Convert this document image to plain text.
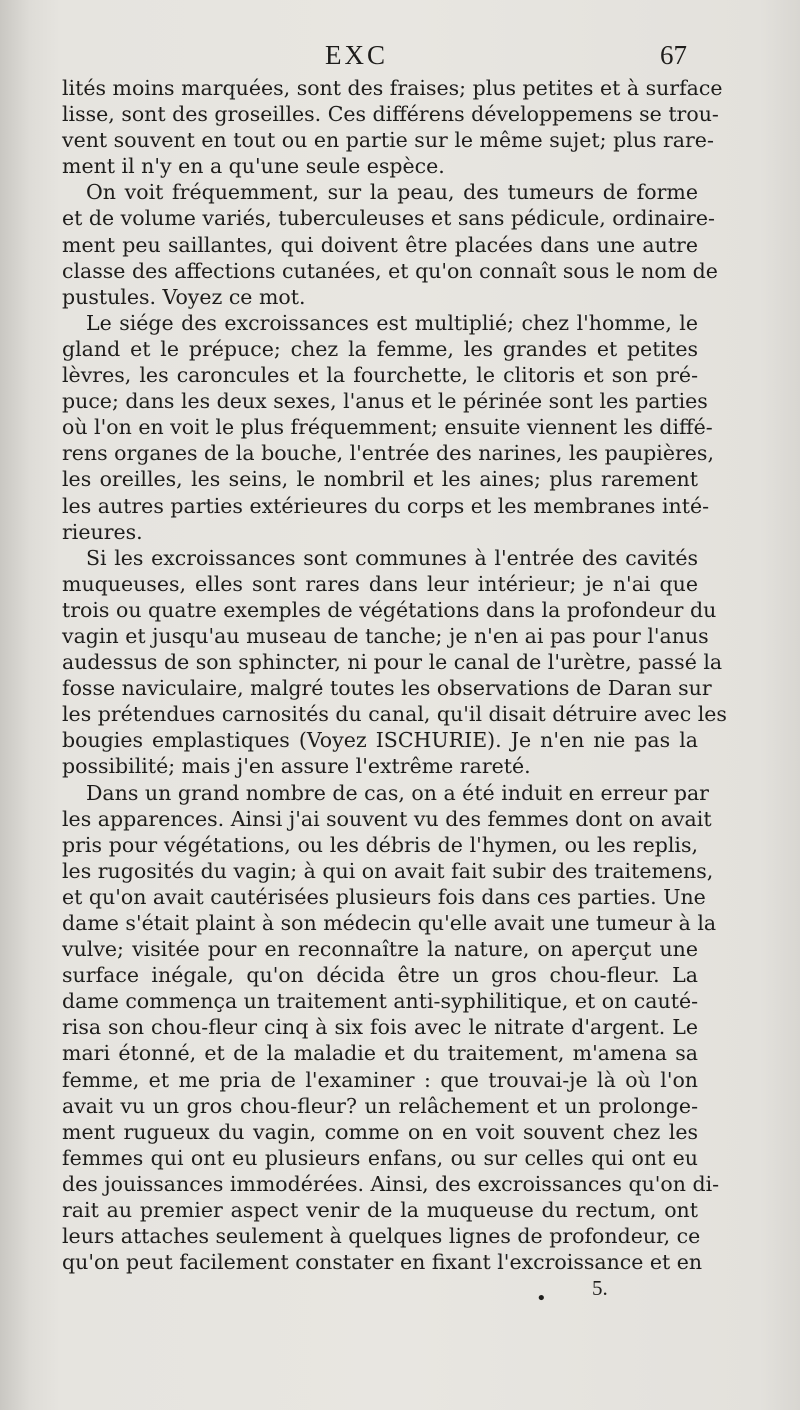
EXC	67
lités moins marquées, sont des fraises; plus petites et à surface
lisse, sont des groseilles. Ces différens développemens se trou-
vent souvent en tout ou en partie sur le même sujet; plus rare-
ment il n'y en a qu'une seule espèce.
On voit fréquemment, sur la peau, des tumeurs de forme
et de volume variés, tuberculeuses et sans pédicule, ordinaire-
ment peu saillantes, qui doivent être placées dans une autre
classe des affections cutanées, et qu'on connaît sous le nom de
pustules. Voyez ce mot.
Le siége des excroissances est multiplié; chez l'homme, le
gland et le prépuce; chez la femme, les grandes et petites
lèvres, les caroncules et la fourchette, le clitoris et son pré-
puce; dans les deux sexes, l'anus et le périnée sont les parties
où l'on en voit le plus fréquemment; ensuite viennent les diffé-
rens organes de la bouche, l'entrée des narines, les paupières,
les oreilles, les seins, le nombril et les aines; plus rarement
les autres parties extérieures du corps et les membranes inté-
rieures.
Si les excroissances sont communes à l'entrée des cavités
muqueuses, elles sont rares dans leur intérieur; je n'ai que
trois ou quatre exemples de végétations dans la profondeur du
vagin et jusqu'au museau de tanche; je n'en ai pas pour l'anus
audessus de son sphincter, ni pour le canal de l'urètre, passé la
fosse naviculaire, malgré toutes les observations de Daran sur
les prétendues carnosités du canal, qu'il disait détruire avec les
bougies emplastiques (Voyez ISCHURIE). Je n'en nie pas la
possibilité; mais j'en assure l'extrême rareté.
Dans un grand nombre de cas, on a été induit en erreur par
les apparences. Ainsi j'ai souvent vu des femmes dont on avait
pris pour végétations, ou les débris de l'hymen, ou les replis,
les rugosités du vagin; à qui on avait fait subir des traitemens,
et qu'on avait cautérisées plusieurs fois dans ces parties. Une
dame s'était plaint à son médecin qu'elle avait une tumeur à la
vulve; visitée pour en reconnaître la nature, on aperçut une
surface inégale, qu'on décida être un gros chou-fleur. La
dame commença un traitement anti-syphilitique, et on cauté-
risa son chou-fleur cinq à six fois avec le nitrate d'argent. Le
mari étonné, et de la maladie et du traitement, m'amena sa
femme, et me pria de l'examiner : que trouvai-je là où l'on
avait vu un gros chou-fleur? un relâchement et un prolonge-
ment rugueux du vagin, comme on en voit souvent chez les
femmes qui ont eu plusieurs enfans, ou sur celles qui ont eu
des jouissances immodérées. Ainsi, des excroissances qu'on di-
rait au premier aspect venir de la muqueuse du rectum, ont
leurs attaches seulement à quelques lignes de profondeur, ce
qu'on peut facilement constater en fixant l'excroissance et en
• 5.
